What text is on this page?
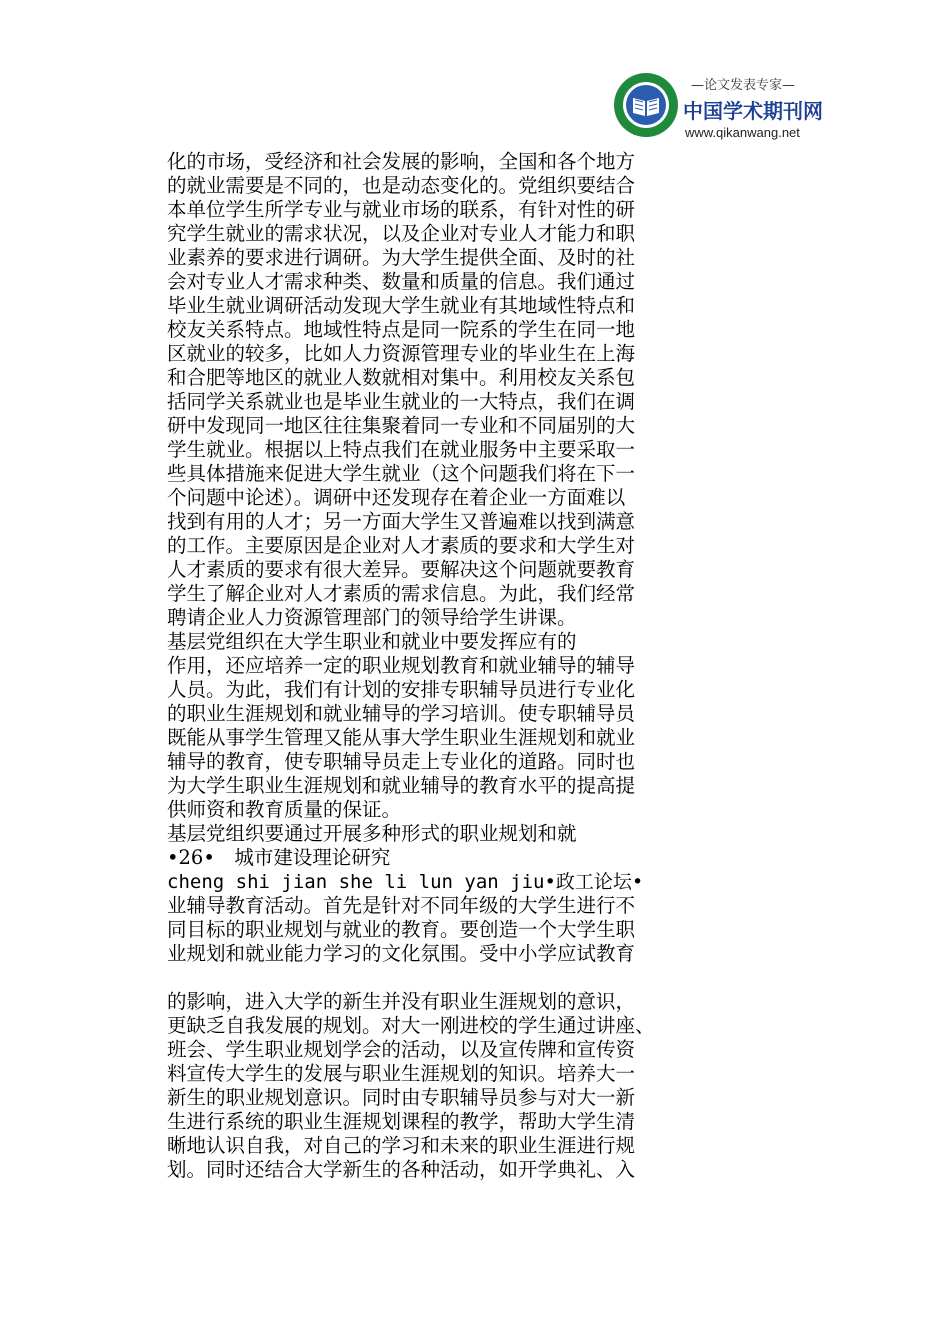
—论文发表专家—
中国学术期刊网
www.qikanwang.net
化的市场，受经济和社会发展的影响，全国和各个地方
的就业需要是不同的，也是动态变化的。党组织要结合
本单位学生所学专业与就业市场的联系，有针对性的研
究学生就业的需求状况，以及企业对专业人才能力和职
业素养的要求进行调研。为大学生提供全面、及时的社
会对专业人才需求种类、数量和质量的信息。我们通过
毕业生就业调研活动发现大学生就业有其地域性特点和
校友关系特点。地域性特点是同一院系的学生在同一地
区就业的较多，比如人力资源管理专业的毕业生在上海
和合肥等地区的就业人数就相对集中。利用校友关系包
括同学关系就业也是毕业生就业的一大特点，我们在调
研中发现同一地区往往集聚着同一专业和不同届别的大
学生就业。根据以上特点我们在就业服务中主要采取一
些具体措施来促进大学生就业（这个问题我们将在下一
个问题中论述）。调研中还发现存在着企业一方面难以
找到有用的人才；另一方面大学生又普遍难以找到满意
的工作。主要原因是企业对人才素质的要求和大学生对
人才素质的要求有很大差异。要解决这个问题就要教育
学生了解企业对人才素质的需求信息。为此，我们经常
聘请企业人力资源管理部门的领导给学生讲课。
基层党组织在大学生职业和就业中要发挥应有的
作用，还应培养一定的职业规划教育和就业辅导的辅导
人员。为此，我们有计划的安排专职辅导员进行专业化
的职业生涯规划和就业辅导的学习培训。使专职辅导员
既能从事学生管理又能从事大学生职业生涯规划和就业
辅导的教育，使专职辅导员走上专业化的道路。同时也
为大学生职业生涯规划和就业辅导的教育水平的提高提
供师资和教育质量的保证。
基层党组织要通过开展多种形式的职业规划和就
•26•　城市建设理论研究
cheng shi jian she li lun yan jiu•政工论坛•
业辅导教育活动。首先是针对不同年级的大学生进行不
同目标的职业规划与就业的教育。要创造一个大学生职
业规划和就业能力学习的文化氛围。受中小学应试教育
的影响，进入大学的新生并没有职业生涯规划的意识，
更缺乏自我发展的规划。对大一刚进校的学生通过讲座、
班会、学生职业规划学会的活动，以及宣传牌和宣传资
料宣传大学生的发展与职业生涯规划的知识。培养大一
新生的职业规划意识。同时由专职辅导员参与对大一新
生进行系统的职业生涯规划课程的教学，帮助大学生清
晰地认识自我，对自己的学习和未来的职业生涯进行规
划。同时还结合大学新生的各种活动，如开学典礼、入
